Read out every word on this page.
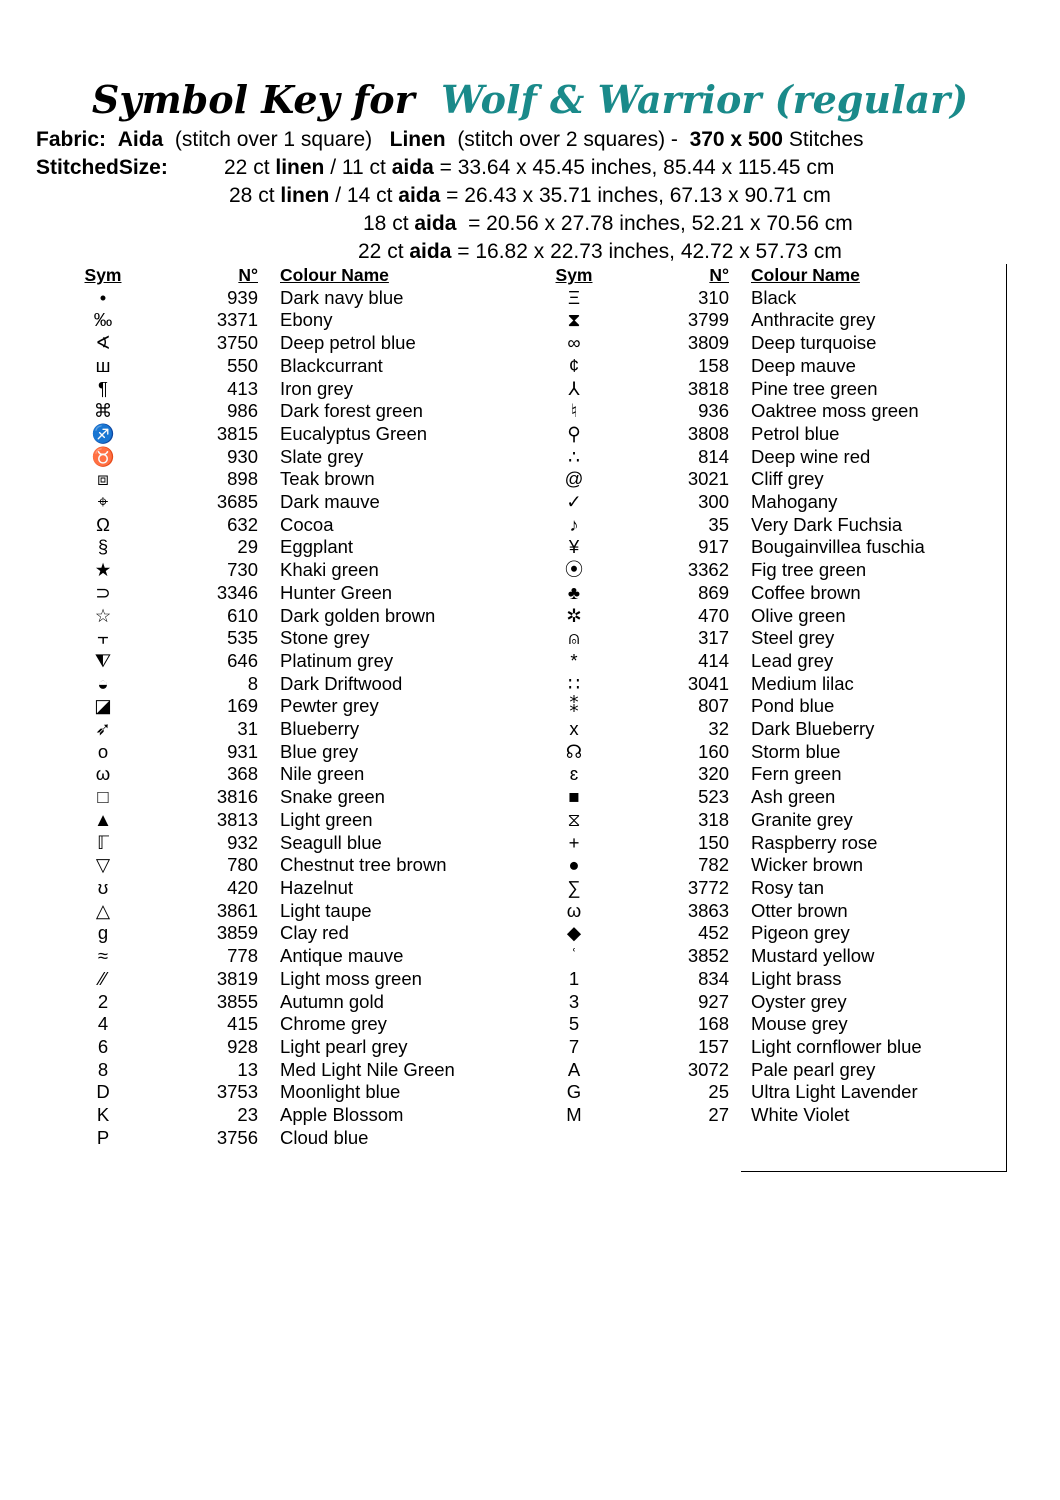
Symbol Key for Wolf & Warrior (regular)
Fabric: Aida (stitch over 1 square) Linen (stitch over 2 squares) - 370 x 500 Stitches
StitchedSize:	22 ct linen / 11 ct aida = 33.64 x 45.45 inches, 85.44 x 115.45 cm
28 ct linen / 14 ct aida = 26.43 x 35.71 inches, 67.13 x 90.71 cm
18 ct aida = 20.56 x 27.78 inches, 52.21 x 70.56 cm
22 ct aida = 16.82 x 22.73 inches, 42.72 x 57.73 cm
Sym	N°		Colour Name
•	939		Dark navy blue
‰	3371		Ebony
∢	3750		Deep petrol blue
ш	550		Blackcurrant
¶	413		Iron grey
⌘	986		Dark forest green
♐	3815		Eucalyptus Green
♉	930		Slate grey
⧈	898		Teak brown
⌖	3685		Dark mauve
Ω	632		Cocoa
§	29		Eggplant
★	730		Khaki green
⊃	3346		Hunter Green
☆	610		Dark golden brown
⫟	535		Stone grey
⧨	646		Platinum grey
◒	8		Dark Driftwood
◪	169		Pewter grey
➶	31		Blueberry
o	931		Blue grey
ω	368		Nile green
□	3816		Snake green
▲	3813		Light green
ℾ	932		Seagull blue
▽	780		Chestnut tree brown
ʊ	420		Hazelnut
△	3861		Light taupe
g	3859		Clay red
≈	778		Antique mauve
⁄⁄	3819		Light moss green
2	3855		Autumn gold
4	415		Chrome grey
6	928		Light pearl grey
8	13		Med Light Nile Green
D	3753		Moonlight blue
K	23		Apple Blossom
P	3756		Cloud blue
Sym	N°		Colour Name
Ξ	310		Black
⧗	3799		Anthracite grey
∞	3809		Deep turquoise
¢	158		Deep mauve
⅄	3818		Pine tree green
♮	936		Oaktree moss green
⚲	3808		Petrol blue
∴	814		Deep wine red
@	3021		Cliff grey
✓	300		Mahogany
♪	35		Very Dark Fuchsia
¥	917		Bougainvillea fuschia
⦿	3362		Fig tree green
♣	869		Coffee brown
✲	470		Olive green
⍝	317		Steel grey
*	414		Lead grey
∷	3041		Medium lilac
⁑	807		Pond blue
x	32		Dark Blueberry
☊	160		Storm blue
ɛ	320		Fern green
■	523		Ash green
⧖	318		Granite grey
+	150		Raspberry rose
●	782		Wicker brown
∑	3772		Rosy tan
ω	3863		Otter brown
◆	452		Pigeon grey
ʿ	3852		Mustard yellow
1	834		Light brass
3	927		Oyster grey
5	168		Mouse grey
7	157		Light cornflower blue
A	3072		Pale pearl grey
G	25		Ultra Light Lavender
M	27		White Violet
